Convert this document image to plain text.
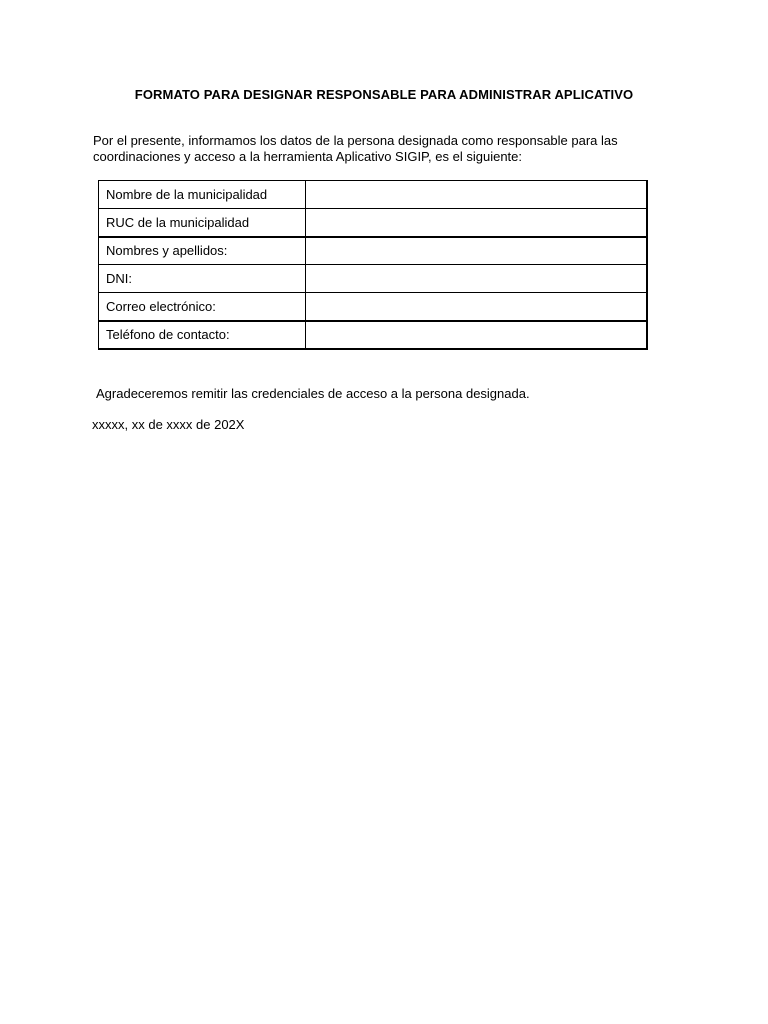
FORMATO PARA DESIGNAR RESPONSABLE PARA ADMINISTRAR APLICATIVO

Por el presente, informamos los datos de la persona designada como responsable para las

coordinaciones y acceso a la herramienta Aplicativo SIGIP, es el siguiente:

Nombre de la municipalidad	
RUC de la municipalidad	
Nombres y apellidos:	
DNI:	
Correo electrónico:	
Teléfono de contacto:	
Agradeceremos remitir las credenciales de acceso a la persona designada.
xxxxx, xx de xxxx de 202X
